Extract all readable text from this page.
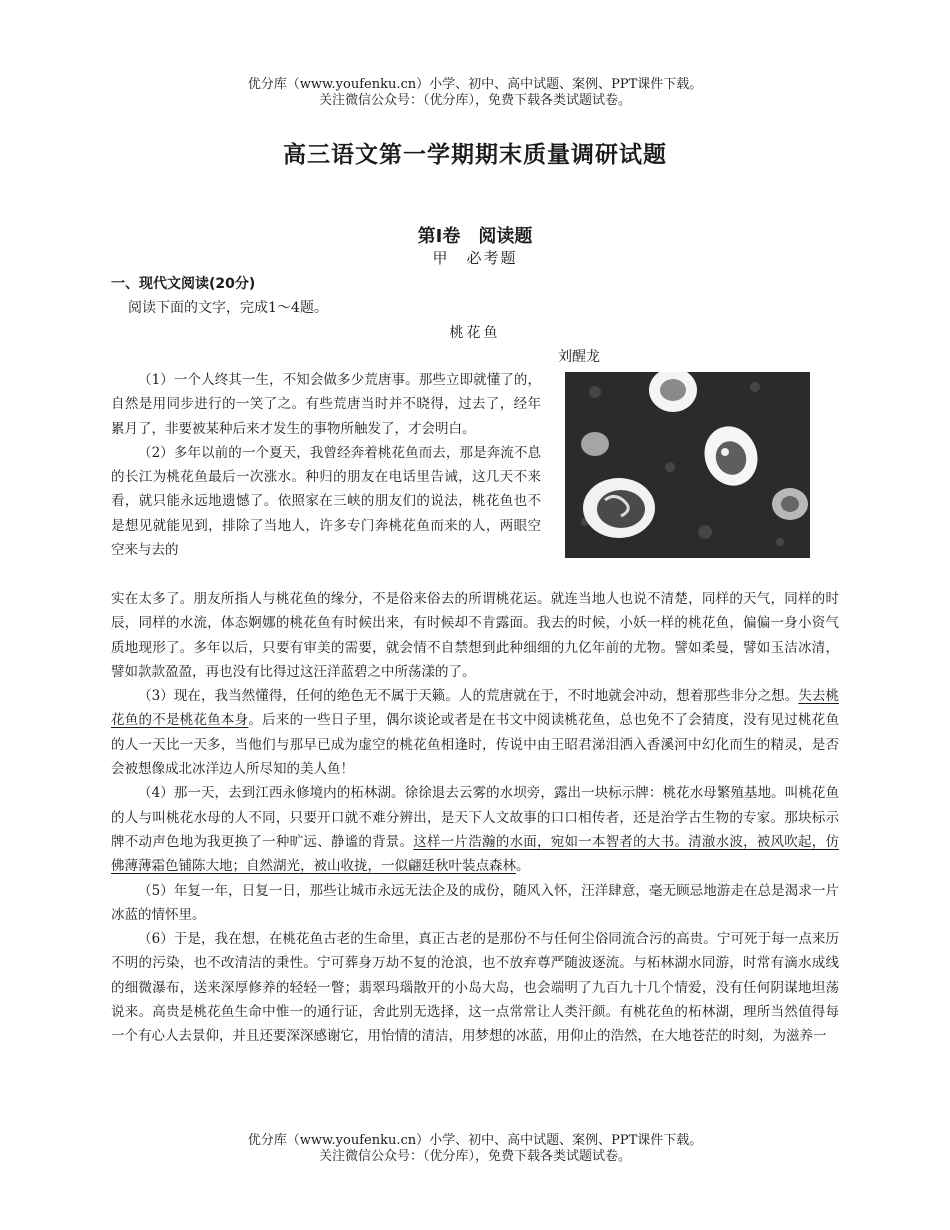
优分库（www.youfenku.cn）小学、初中、高中试题、案例、PPT课件下载。
关注微信公众号：（优分库），免费下载各类试题试卷。
高三语文第一学期期末质量调研试题
第Ⅰ卷　阅读题
甲　必考题
一、现代文阅读(20分)
阅读下面的文字，完成1～4题。
桃花鱼
刘醒龙

（1）一个人终其一生，不知会做多少荒唐事。那些立即就懂了的，自然是用同步进行的一笑了之。有些荒唐当时并不晓得，过去了，经年累月了，非要被某种后来才发生的事物所触发了，才会明白。

（2）多年以前的一个夏天，我曾经奔着桃花鱼而去，那是奔流不息的长江为桃花鱼最后一次涨水。种归的朋友在电话里告诫，这几天不来看，就只能永远地遗憾了。依照家在三峡的朋友们的说法，桃花鱼也不是想见就能见到，排除了当地人，许多专门奔桃花鱼而来的人，两眼空空来与去的

实在太多了。朋友所指人与桃花鱼的缘分，不是俗来俗去的所谓桃花运。就连当地人也说不清楚，同样的天气，同样的时辰，同样的水流，体态婀娜的桃花鱼有时候出来，有时候却不肯露面。我去的时候，小妖一样的桃花鱼，偏偏一身小资气质地现形了。多年以后，只要有审美的需要，就会情不自禁想到此种细细的九亿年前的尤物。譬如柔曼，譬如玉洁冰清，譬如款款盈盈，再也没有比得过这汪洋蓝碧之中所荡漾的了。

（3）现在，我当然懂得，任何的绝色无不属于天籁。人的荒唐就在于，不时地就会冲动，想着那些非分之想。失去桃花鱼的不是桃花鱼本身。后来的一些日子里，偶尔谈论或者是在书文中阅读桃花鱼，总也免不了会猜度，没有见过桃花鱼的人一天比一天多，当他们与那早已成为虚空的桃花鱼相逢时，传说中由王昭君涕泪洒入香溪河中幻化而生的精灵，是否会被想像成北冰洋边人所尽知的美人鱼！

（4）那一天，去到江西永修境内的柘林湖。徐徐退去云雾的水坝旁，露出一块标示牌：桃花水母繁殖基地。叫桃花鱼的人与叫桃花水母的人不同，只要开口就不难分辨出，是天下人文故事的口口相传者，还是治学古生物的专家。那块标示牌不动声色地为我更换了一种旷远、静谧的背景。这样一片浩瀚的水面，宛如一本智者的大书。清澈水波，被风吹起，仿佛薄薄霜色铺陈大地；自然湖光，被山收拢，一似翩廷秋叶装点森林。

（5）年复一年，日复一日，那些让城市永远无法企及的成份，随风入怀，汪洋肆意，毫无顾忌地游走在总是渴求一片冰蓝的情怀里。

（6）于是，我在想，在桃花鱼古老的生命里，真正古老的是那份不与任何尘俗同流合污的高贵。宁可死于每一点来历不明的污染，也不改清洁的秉性。宁可葬身万劫不复的沧浪，也不放弃尊严随波逐流。与柘林湖水同游，时常有滴水成线的细微瀑布，送来深厚修养的轻轻一瞥；翡翠玛瑙散开的小岛大岛，也会端明了九百九十几个情爱，没有任何阴谋地坦荡说来。高贵是桃花鱼生命中惟一的通行证，舍此别无选择，这一点常常让人类汗颜。有桃花鱼的柘林湖，理所当然值得每一个有心人去景仰，并且还要深深感谢它，用怡情的清洁，用梦想的冰蓝，用仰止的浩然，在大地苍茫的时刻，为滋养一

优分库（www.youfenku.cn）小学、初中、高中试题、案例、PPT课件下载。
关注微信公众号：（优分库），免费下载各类试题试卷。
